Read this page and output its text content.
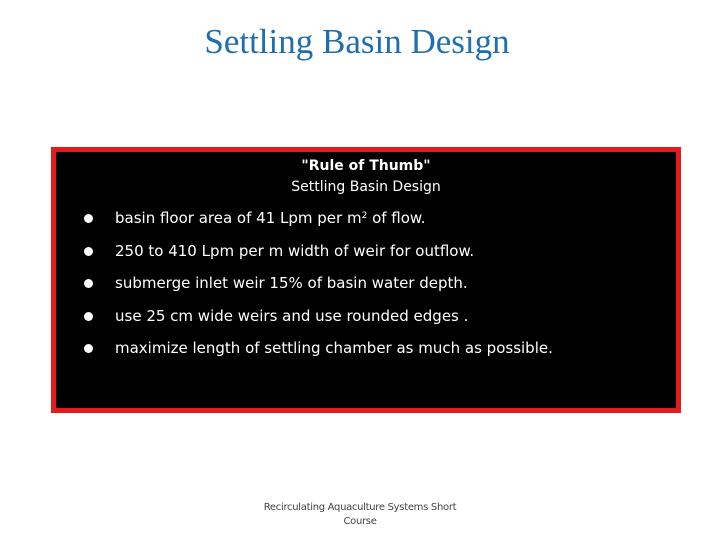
Settling Basin Design
"Rule of Thumb"
Settling Basin Design
basin floor area of 41 Lpm per $m^2$ of flow.
250 to 410 Lpm per m width of weir for outflow.
submerge inlet weir 15% of basin water depth.
use 25 cm wide weirs and use rounded edges .
maximize length of settling chamber as much as possible.
Recirculating Aquaculture Systems Short
Course
